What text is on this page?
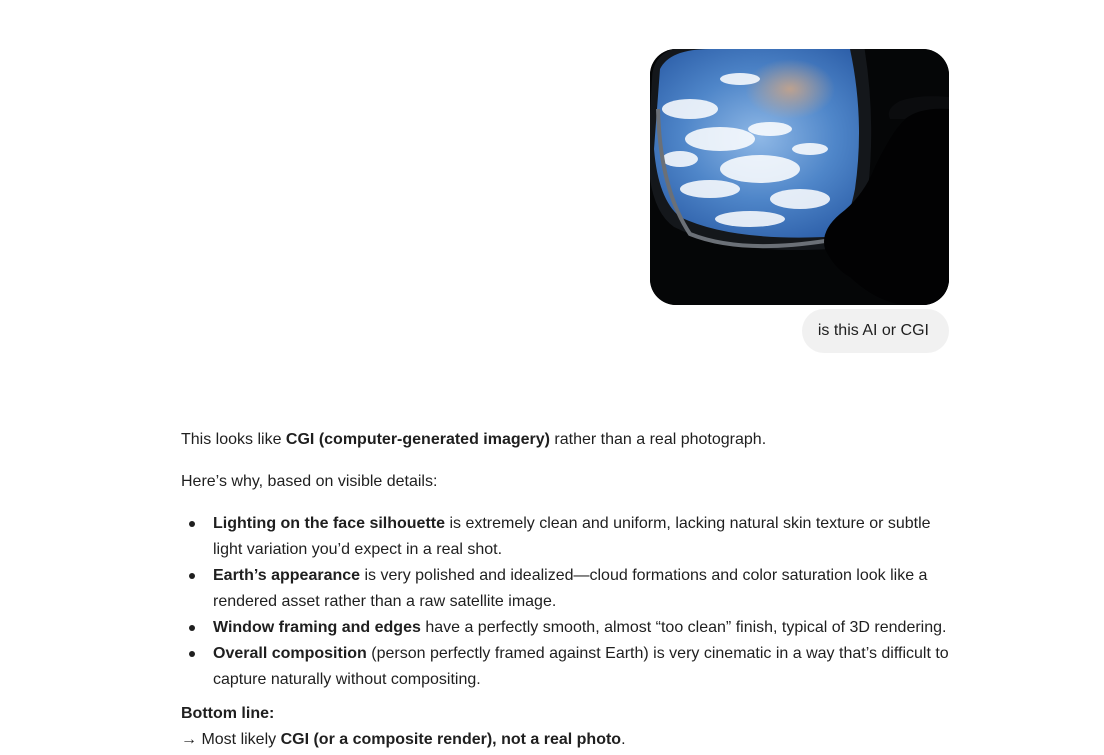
is this AI or CGI

This looks like CGI (computer-generated imagery) rather than a real photograph.

Here’s why, based on visible details:

Lighting on the face silhouette is extremely clean and uniform, lacking natural skin texture or subtle light variation you’d expect in a real shot.
Earth’s appearance is very polished and idealized—cloud formations and color saturation look like a rendered asset rather than a raw satellite image.
Window framing and edges have a perfectly smooth, almost “too clean” finish, typical of 3D rendering.
Overall composition (person perfectly framed against Earth) is very cinematic in a way that’s difficult to capture naturally without compositing.

Bottom line:

→ Most likely CGI (or a composite render), not a real photo.
